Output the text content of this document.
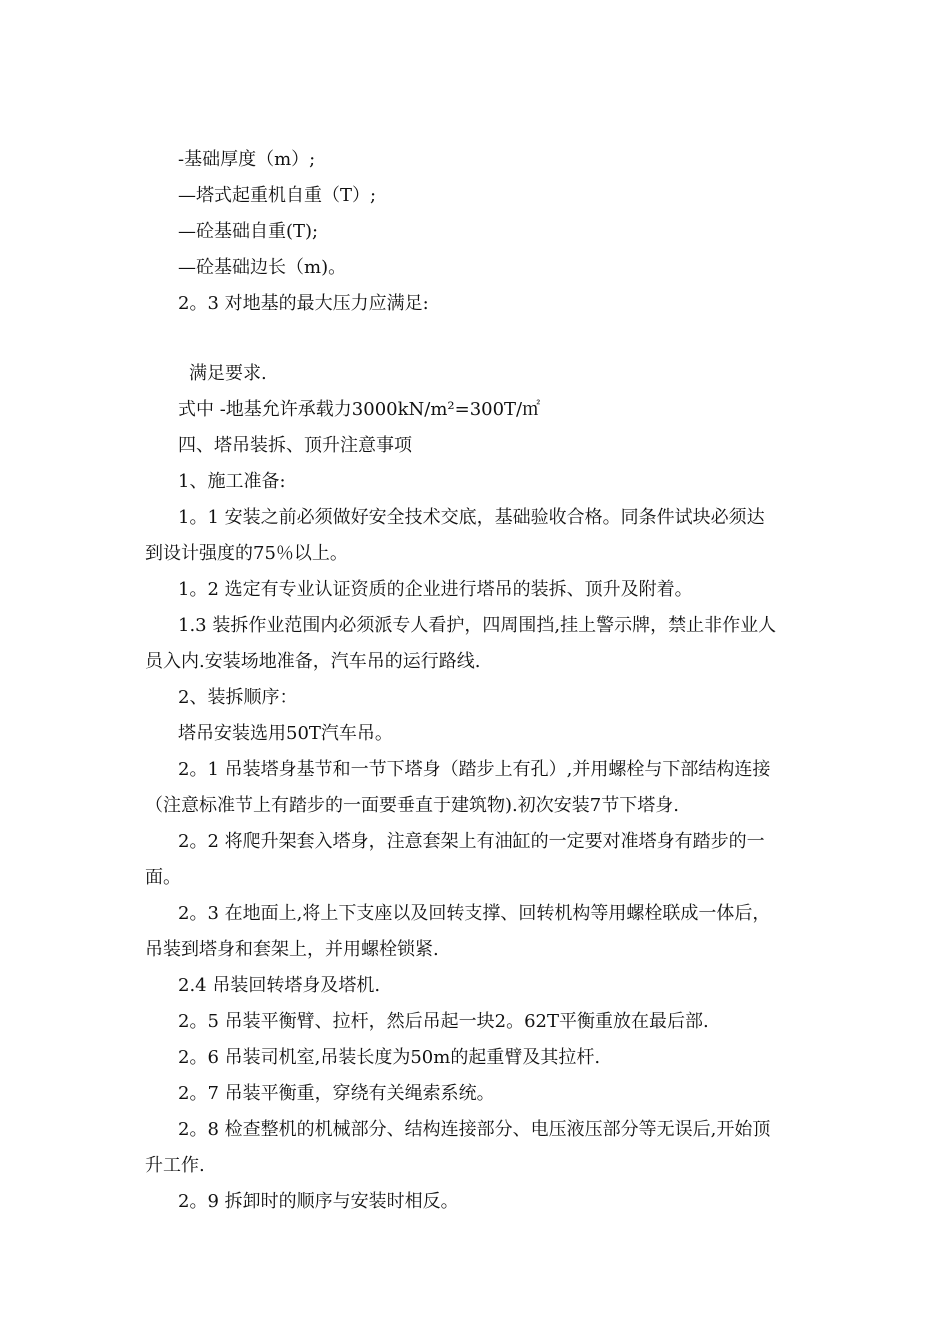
-基础厚度（m）;

—塔式起重机自重（T）;

—砼基础自重(T);

—砼基础边长（m)。

2。3 对地基的最大压力应满足:

满足要求.

式中 -地基允许承载力3000kN/m²=300T/㎡

四、塔吊装拆、顶升注意事项

1、施工准备:

1。1 安装之前必须做好安全技术交底，基础验收合格。同条件试块必须达

到设计强度的75％以上。

1。2 选定有专业认证资质的企业进行塔吊的装拆、顶升及附着。

1.3 装拆作业范围内必须派专人看护，四周围挡,挂上警示牌，禁止非作业人

员入内.安装场地准备，汽车吊的运行路线.

2、装拆顺序：

塔吊安装选用50T汽车吊。

2。1 吊装塔身基节和一节下塔身（踏步上有孔）,并用螺栓与下部结构连接

（注意标准节上有踏步的一面要垂直于建筑物).初次安装7节下塔身.

2。2 将爬升架套入塔身，注意套架上有油缸的一定要对准塔身有踏步的一

面。

2。3 在地面上,将上下支座以及回转支撑、回转机构等用螺栓联成一体后，

吊装到塔身和套架上，并用螺栓锁紧.

2.4 吊装回转塔身及塔机.

2。5 吊装平衡臂、拉杆，然后吊起一块2。62T平衡重放在最后部.

2。6 吊装司机室,吊装长度为50m的起重臂及其拉杆.

2。7 吊装平衡重，穿绕有关绳索系统。

2。8 检查整机的机械部分、结构连接部分、电压液压部分等无误后,开始顶

升工作.

2。9 拆卸时的顺序与安装时相反。
